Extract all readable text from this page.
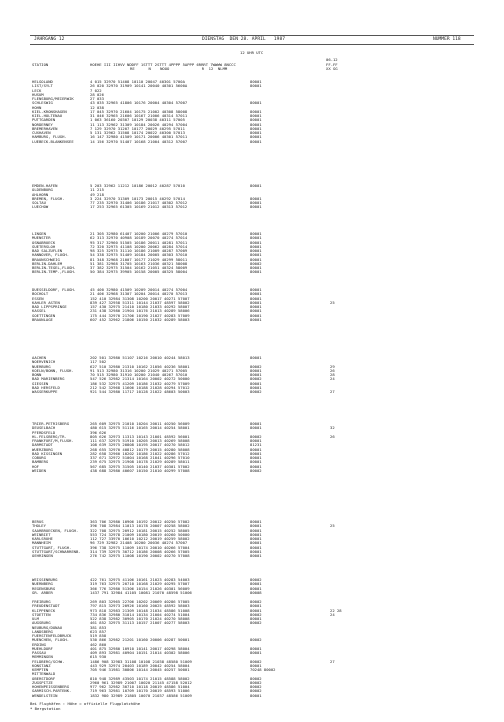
JAHRGANG 12	DIENSTAG  DEN 28. APRIL   1987	NUMMER 118
12 UHR UTC
06-12
STATION	HOEHE III IIHVV NDDFF 1STTT 2STTT 4PPPP 5APPP 6RRRT 7WWWW 8NCCC
RE      N    NOOO              R  12  NLMM
FF-FF
XX GG
HELGOLAND	4 015 32970 51408 10110 20047 40301 5700A	80001
LIST/SYLT	26 020 32970 31909 10141 20040 40301 5600A	80001
LECK	7 022
HUSUM	28 026
FLENSBURG/MEIERWIK	27 033
SCHLESWIG	43 035 32965 41806 10176 20004 40304 57007	80001
HOHN	12 038
KIEL-KRONSHAGEN	17 045 32970 21604 10175 21002 40308 58008	80001
KIEL-HOLTENAU	31 046 32965 21606 10167 21006 40314 57011	80001
PUTTGARDEN	1 063 36160 20307 10129 20038 40311 57005	80001
NORDERNEY	11 113 32962 31309 10184 20026 40294 57004	80001
BREMERHAVEN	7 129 32970 31207 10177 20029 40295 57011	80001
CUXHAVEN	5 131 32962 31508 10174 20022 40300 57013	80001
HAMBURG, FLUGH.	16 147 32980 41509 10171 20006 40301 57011	80001
LUEBECK-BLANKENSEE	14 156 32970 51407 10168 21004 40312 57007	80001
EMDEN-HAFEN	5 203 32962 11212 10186 20012 40287 57010	80001
OLDENBURG	11 215
AHLHORN	49 218
BREMEN, FLUGH.	3 224 32970 31309 10173 20015 40292 57014	80001
SOLTAU	77 235 32970 31406 10186 21017 40302 57012	80001
LUECHOW	17 253 32965 61305 10169 21012 40313 57012	80001
LINGEN	21 305 32980 61407 10200 21006 40279 57010	80001
MUENSTER	62 313 32970 40908 10189 20070 40274 57014	80001
OSNABRUECK	95 317 32960 51505 10186 20011 40281 57011	80001
GUETERSLOH	72 320 32975 41108 10200 20062 40284 57014	80001
BAD SALZUFLEN	98 325 32975 31110 10186 21009 40287 57009	80001
HANNOVER, FLUGH.	54 338 32975 51409 10184 20005 40303 57010	80001
BRAUNSCHWEIG	81 348 32968 21007 10177 21029 40299 58011	80001
BERLIN-DAHLEM	51 381 32968 31705 10163 21036 40321 58008	80002
BERLIN-TEGEL,FLUGH.	37 382 32975 31504 10162 21051 40324 58009	80001
BERLIN-TEMP.,FLUGH.	50 384 32975 39905 10158 20005 40325 58004	80001
DUESSELDORF, FLUGH.	45 400 32980 41509 10209 20014 40274 57004	80001
BOCHOLT	21 406 32968 31307 10204 20014 40270 57013	80001
ESSEN	152 410 32984 31308 10200 20017 40271 57007	80001
KAHLER ASTEN	839 427 32958 51311 10144 21037 48597 58002	80001	25
BAD LIPPSPRINGE	157 430 32975 21410 10180 21033 40292 58007	80001
KASSEL	231 438 32980 21904 10176 21013 40289 58006	80001
GOETTINGEN	175 444 32970 21706 10190 21027 40283 57009	80001
BRAUNLAGE	607 452 32962 21806 10150 21032 40289 58003	80001
AACHEN	202 501 32980 51107 10216 20010 40244 58013	80001
NOERVENICH	117 502
NUERBURG	627 510 32980 21310 10162 21056 40236 58001	80002	29
KOELN/BONN, FLUGH.	91 513 32980 31316 10200 21029 40271 57005	80001	26
BONN	70 515 32980 31910 10200 21040 40267 57010	80001	28
BAD MARIENBERG	547 526 32982 21314 10164 20002 40272 50000	80002	24
GIESSEN	186 532 32975 41209 10186 21032 40279 57009	80001
BAD HERSFELD	212 542 32968 11606 10188 21028 40294 57012	80001
WASSERKUPPE	921 544 32980 11717 10128 21022 48603 50003	80002	27
TRIER-PETRISBERG	265 609 32975 21010 10204 20011 40250 56009	80001
DEUSELBACH	480 615 32975 51116 10165 20014 40254 58001	80001	32
PFERDSFELD	396 626
HL.FELSBERG/TR.	805 626 32973 11313 10143 21001 48592 56001	80002	26
FRANKFURT/M,FLUGH.	111 637 32975 51910 10205 20013 40269 58008	80001
DARMSTADT	108 639 32975 20808 10195 20017 40270 58012	81231
WUERZBURG	268 655 32970 40812 10179 20015 40280 58008	80001
BAD KISSINGEN	282 658 32960 10202 10186 21022 40286 57012	80001
COBURG	337 671 32972 51004 10168 21041 40296 57010	80001
BAMBERG	239 675 32975 21908 10178 21029 40289 58011	80001
HOF	567 685 32975 31505 10140 21037 40301 57002	80001
WEIDEN	438 688 32980 40607 10150 21010 40299 57008	80002
BERUS	363 706 32980 10906 10192 20012 40250 57002	80001
THOLEY	396 708 32984 11013 10178 20007 40258 58002	80001	25
SAARBRUECKEN, FLUGH.	322 708 32975 20912 10181 20015 40252 58005	80001
WEINBIET	553 724 32978 21009 10180 20019 40260 50000	80001
KARLSRUHE	112 727 33970 10610 10212 20019 40259 58002	80001
MANNHEIM	96 729 32982 21408 10200 20036 40274 57007	80001
STUTTGART, FLUGH.	396 738 32975 11009 10174 20010 40266 57004	80001
STUTTGART/SCHNARRENB. 314 739 32975 30712 10186 20008 40266 57005	80001
OEHRINGEN	276 742 32975 11008 10190 20002 40270 57008	80001
WEISSENBURG	422 761 32975 41106 10161 21023 40283 54003	80002
NUERNBERG	319 763 32975 20710 10168 21029 40295 57007	80001
REGENSBURG	366 776 32980 51306 10154 21026 40301 56009	80001
GR. ARBER	1437 791 32984 41105 10081 21070 48598 51006	80008
FREIBURG	269 803 32965 22706 10202 20069 40286 57005	80002
FREUDENSTADT	797 815 32973 20926 10160 20025 48592 58003	80001
KLIPPENECK	973 818 32983 21309 10148 21034 48586 51008	80001	22 28
STOETTEN	734 836 32980 31014 10134 21004 40274 51004	80002	24
ULM	522 838 32982 30905 10170 21024 40270 58008	80001
AUGSBURG	461 852 32975 31113 10157 21007 40277 58003	80002
NEUBURG/DONAU	381 853
LANDSBERG	623 857
FUERSTENFELDBRUCK	519 858
MUENCHEN, FLUGH.	530 866 32982 21201 10160 20006 40287 50001	80002
ERDING	462 860
MUEHLDORF	401 875 32980 10910 10141 20017 40298 58004	80001
PASSAU	409 893 32981 40904 10151 21014 40302 58006	80001
MEMMINGEN	615 930
FELDBERG/SCHW.	1486 908 32983 31108 10108 21038 48580 51009	80002	27
KONSTANZ	443 929 32974 20403 10189 20042 40254 58004	80001
KEMPTEN	705 946 31981 30806 10144 20045 40257 50001	70248 80002
MITTENWALD
OBERSTDORF	810 948 32989 43503 10174 21015 48588 58002	80002
ZUGSPITZE	2960 961 32989 21007 10020 21145 47158 52012	80002
HOHENPEISSENBERG	977 962 32982 30710 10118 20019 48586 51004	80002
GARMISCH-PARTENK.	719 963 32981 10709 10170 20019 48593 51006	80002
WENDELSTEIN	1832 980 32989 21805 10070 21037 48586 51009	80001
Bei Flughäfen : Höhe = offizielle Flugplatzhöhe
* Bergstation
